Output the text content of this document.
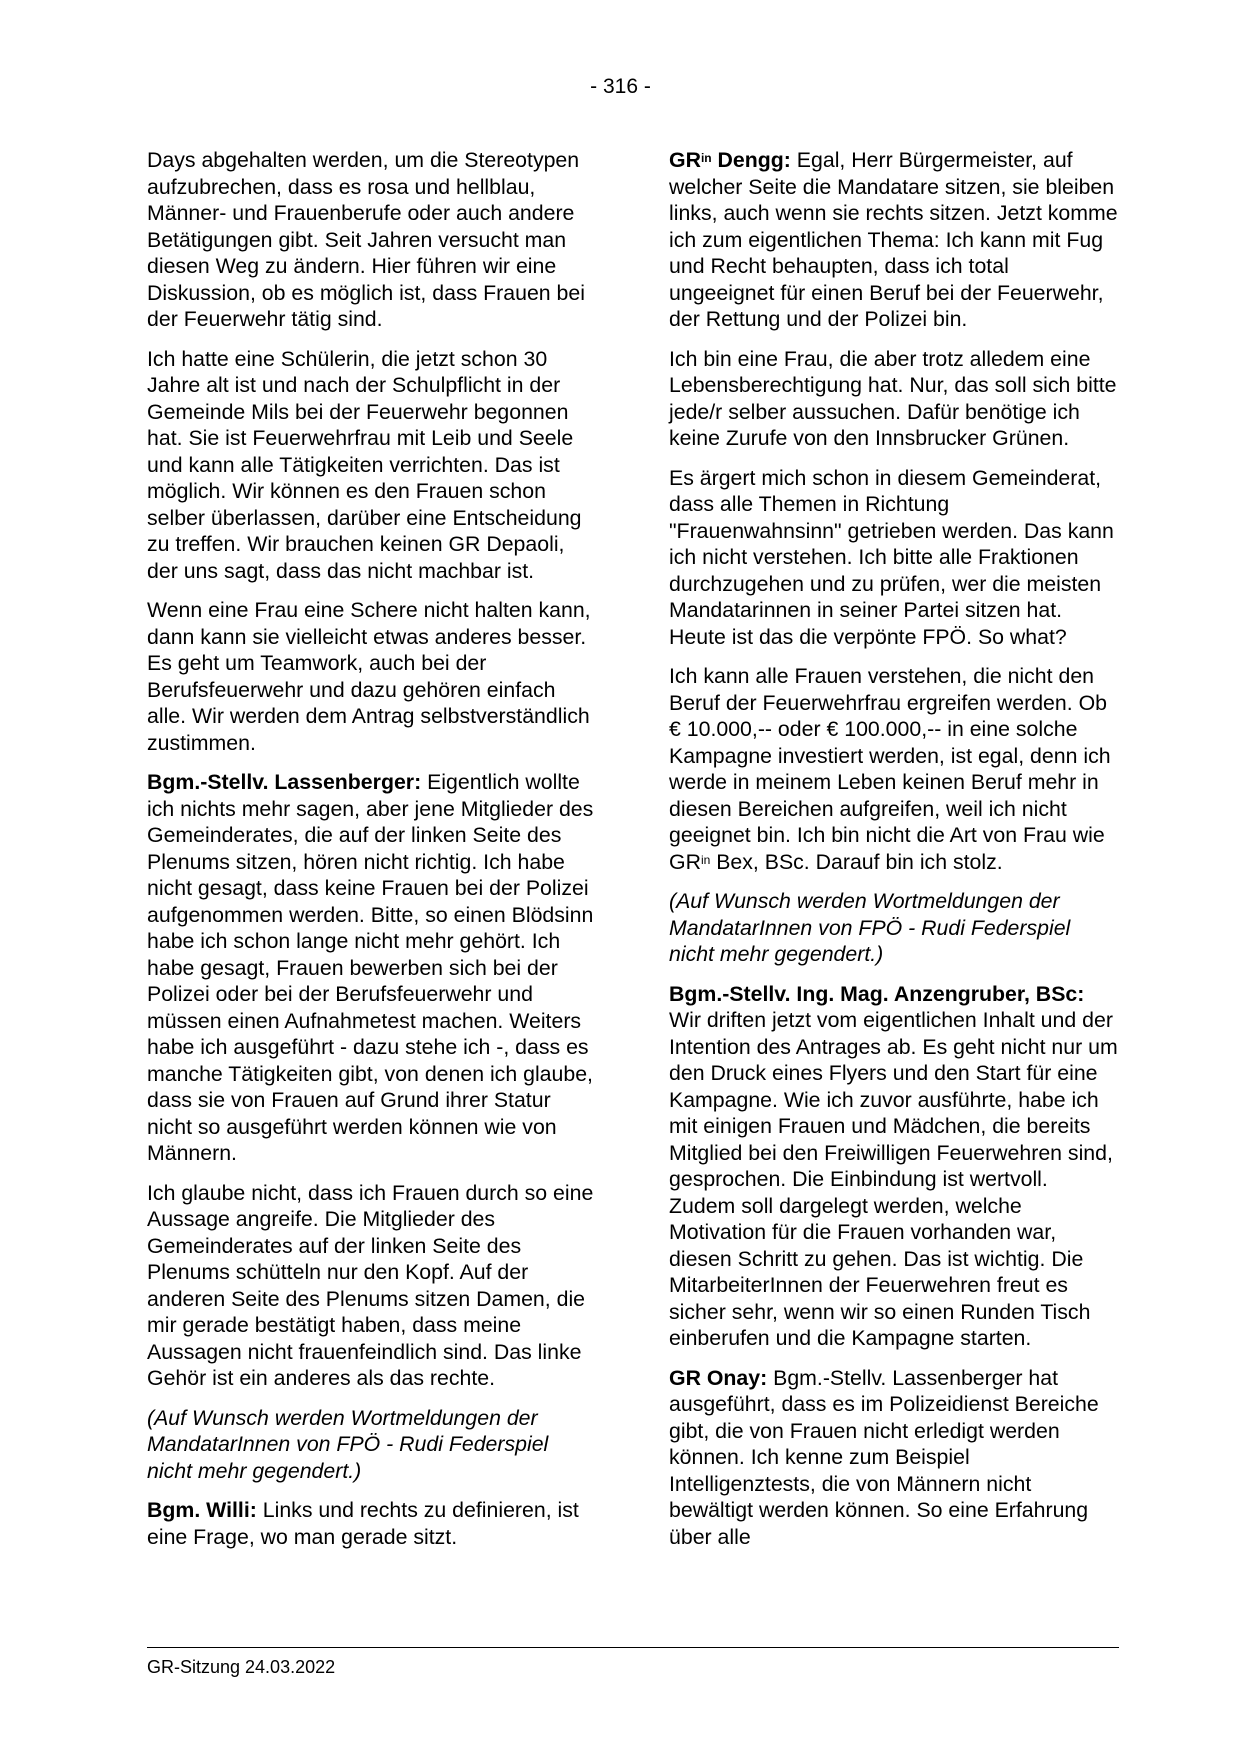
- 316 -

Days abgehalten werden, um die Stereotypen aufzubrechen, dass es rosa und hellblau, Männer- und Frauenberufe oder auch andere Betätigungen gibt. Seit Jahren versucht man diesen Weg zu ändern. Hier führen wir eine Diskussion, ob es möglich ist, dass Frauen bei der Feuerwehr tätig sind.

Ich hatte eine Schülerin, die jetzt schon 30 Jahre alt ist und nach der Schulpflicht in der Gemeinde Mils bei der Feuerwehr begonnen hat. Sie ist Feuerwehrfrau mit Leib und Seele und kann alle Tätigkeiten verrichten. Das ist möglich. Wir können es den Frauen schon selber überlassen, darüber eine Entscheidung zu treffen. Wir brauchen keinen GR Depaoli, der uns sagt, dass das nicht machbar ist.

Wenn eine Frau eine Schere nicht halten kann, dann kann sie vielleicht etwas anderes besser. Es geht um Teamwork, auch bei der Berufsfeuerwehr und dazu gehören einfach alle. Wir werden dem Antrag selbstverständlich zustimmen.

Bgm.-Stellv. Lassenberger: Eigentlich wollte ich nichts mehr sagen, aber jene Mitglieder des Gemeinderates, die auf der linken Seite des Plenums sitzen, hören nicht richtig. Ich habe nicht gesagt, dass keine Frauen bei der Polizei aufgenommen werden. Bitte, so einen Blödsinn habe ich schon lange nicht mehr gehört. Ich habe gesagt, Frauen bewerben sich bei der Polizei oder bei der Berufsfeuerwehr und müssen einen Aufnahmetest machen. Weiters habe ich ausgeführt - dazu stehe ich -, dass es manche Tätigkeiten gibt, von denen ich glaube, dass sie von Frauen auf Grund ihrer Statur nicht so ausgeführt werden können wie von Männern.

Ich glaube nicht, dass ich Frauen durch so eine Aussage angreife. Die Mitglieder des Gemeinderates auf der linken Seite des Plenums schütteln nur den Kopf. Auf der anderen Seite des Plenums sitzen Damen, die mir gerade bestätigt haben, dass meine Aussagen nicht frauenfeindlich sind. Das linke Gehör ist ein anderes als das rechte.

(Auf Wunsch werden Wortmeldungen der MandatarInnen von FPÖ - Rudi Federspiel nicht mehr gegendert.)

Bgm. Willi: Links und rechts zu definieren, ist eine Frage, wo man gerade sitzt.

$GR^{in}$ Dengg: Egal, Herr Bürgermeister, auf welcher Seite die Mandatare sitzen, sie bleiben links, auch wenn sie rechts sitzen. Jetzt komme ich zum eigentlichen Thema: Ich kann mit Fug und Recht behaupten, dass ich total ungeeignet für einen Beruf bei der Feuerwehr, der Rettung und der Polizei bin.

Ich bin eine Frau, die aber trotz alledem eine Lebensberechtigung hat. Nur, das soll sich bitte jede/r selber aussuchen. Dafür benötige ich keine Zurufe von den Innsbrucker Grünen.

Es ärgert mich schon in diesem Gemeinderat, dass alle Themen in Richtung "Frauenwahnsinn" getrieben werden. Das kann ich nicht verstehen. Ich bitte alle Fraktionen durchzugehen und zu prüfen, wer die meisten Mandatarinnen in seiner Partei sitzen hat. Heute ist das die verpönte FPÖ. So what?

Ich kann alle Frauen verstehen, die nicht den Beruf der Feuerwehrfrau ergreifen werden. Ob € 10.000,-- oder € 100.000,-- in eine solche Kampagne investiert werden, ist egal, denn ich werde in meinem Leben keinen Beruf mehr in diesen Bereichen aufgreifen, weil ich nicht geeignet bin. Ich bin nicht die Art von Frau wie $GR^{in}$ Bex, BSc. Darauf bin ich stolz.

(Auf Wunsch werden Wortmeldungen der MandatarInnen von FPÖ - Rudi Federspiel nicht mehr gegendert.)

Bgm.-Stellv. Ing. Mag. Anzengruber, BSc: Wir driften jetzt vom eigentlichen Inhalt und der Intention des Antrages ab. Es geht nicht nur um den Druck eines Flyers und den Start für eine Kampagne. Wie ich zuvor ausführte, habe ich mit einigen Frauen und Mädchen, die bereits Mitglied bei den Freiwilligen Feuerwehren sind, gesprochen. Die Einbindung ist wertvoll. Zudem soll dargelegt werden, welche Motivation für die Frauen vorhanden war, diesen Schritt zu gehen. Das ist wichtig. Die MitarbeiterInnen der Feuerwehren freut es sicher sehr, wenn wir so einen Runden Tisch einberufen und die Kampagne starten.

GR Onay: Bgm.-Stellv. Lassenberger hat ausgeführt, dass es im Polizeidienst Bereiche gibt, die von Frauen nicht erledigt werden können. Ich kenne zum Beispiel Intelligenztests, die von Männern nicht bewältigt werden können. So eine Erfahrung über alle

GR-Sitzung 24.03.2022
